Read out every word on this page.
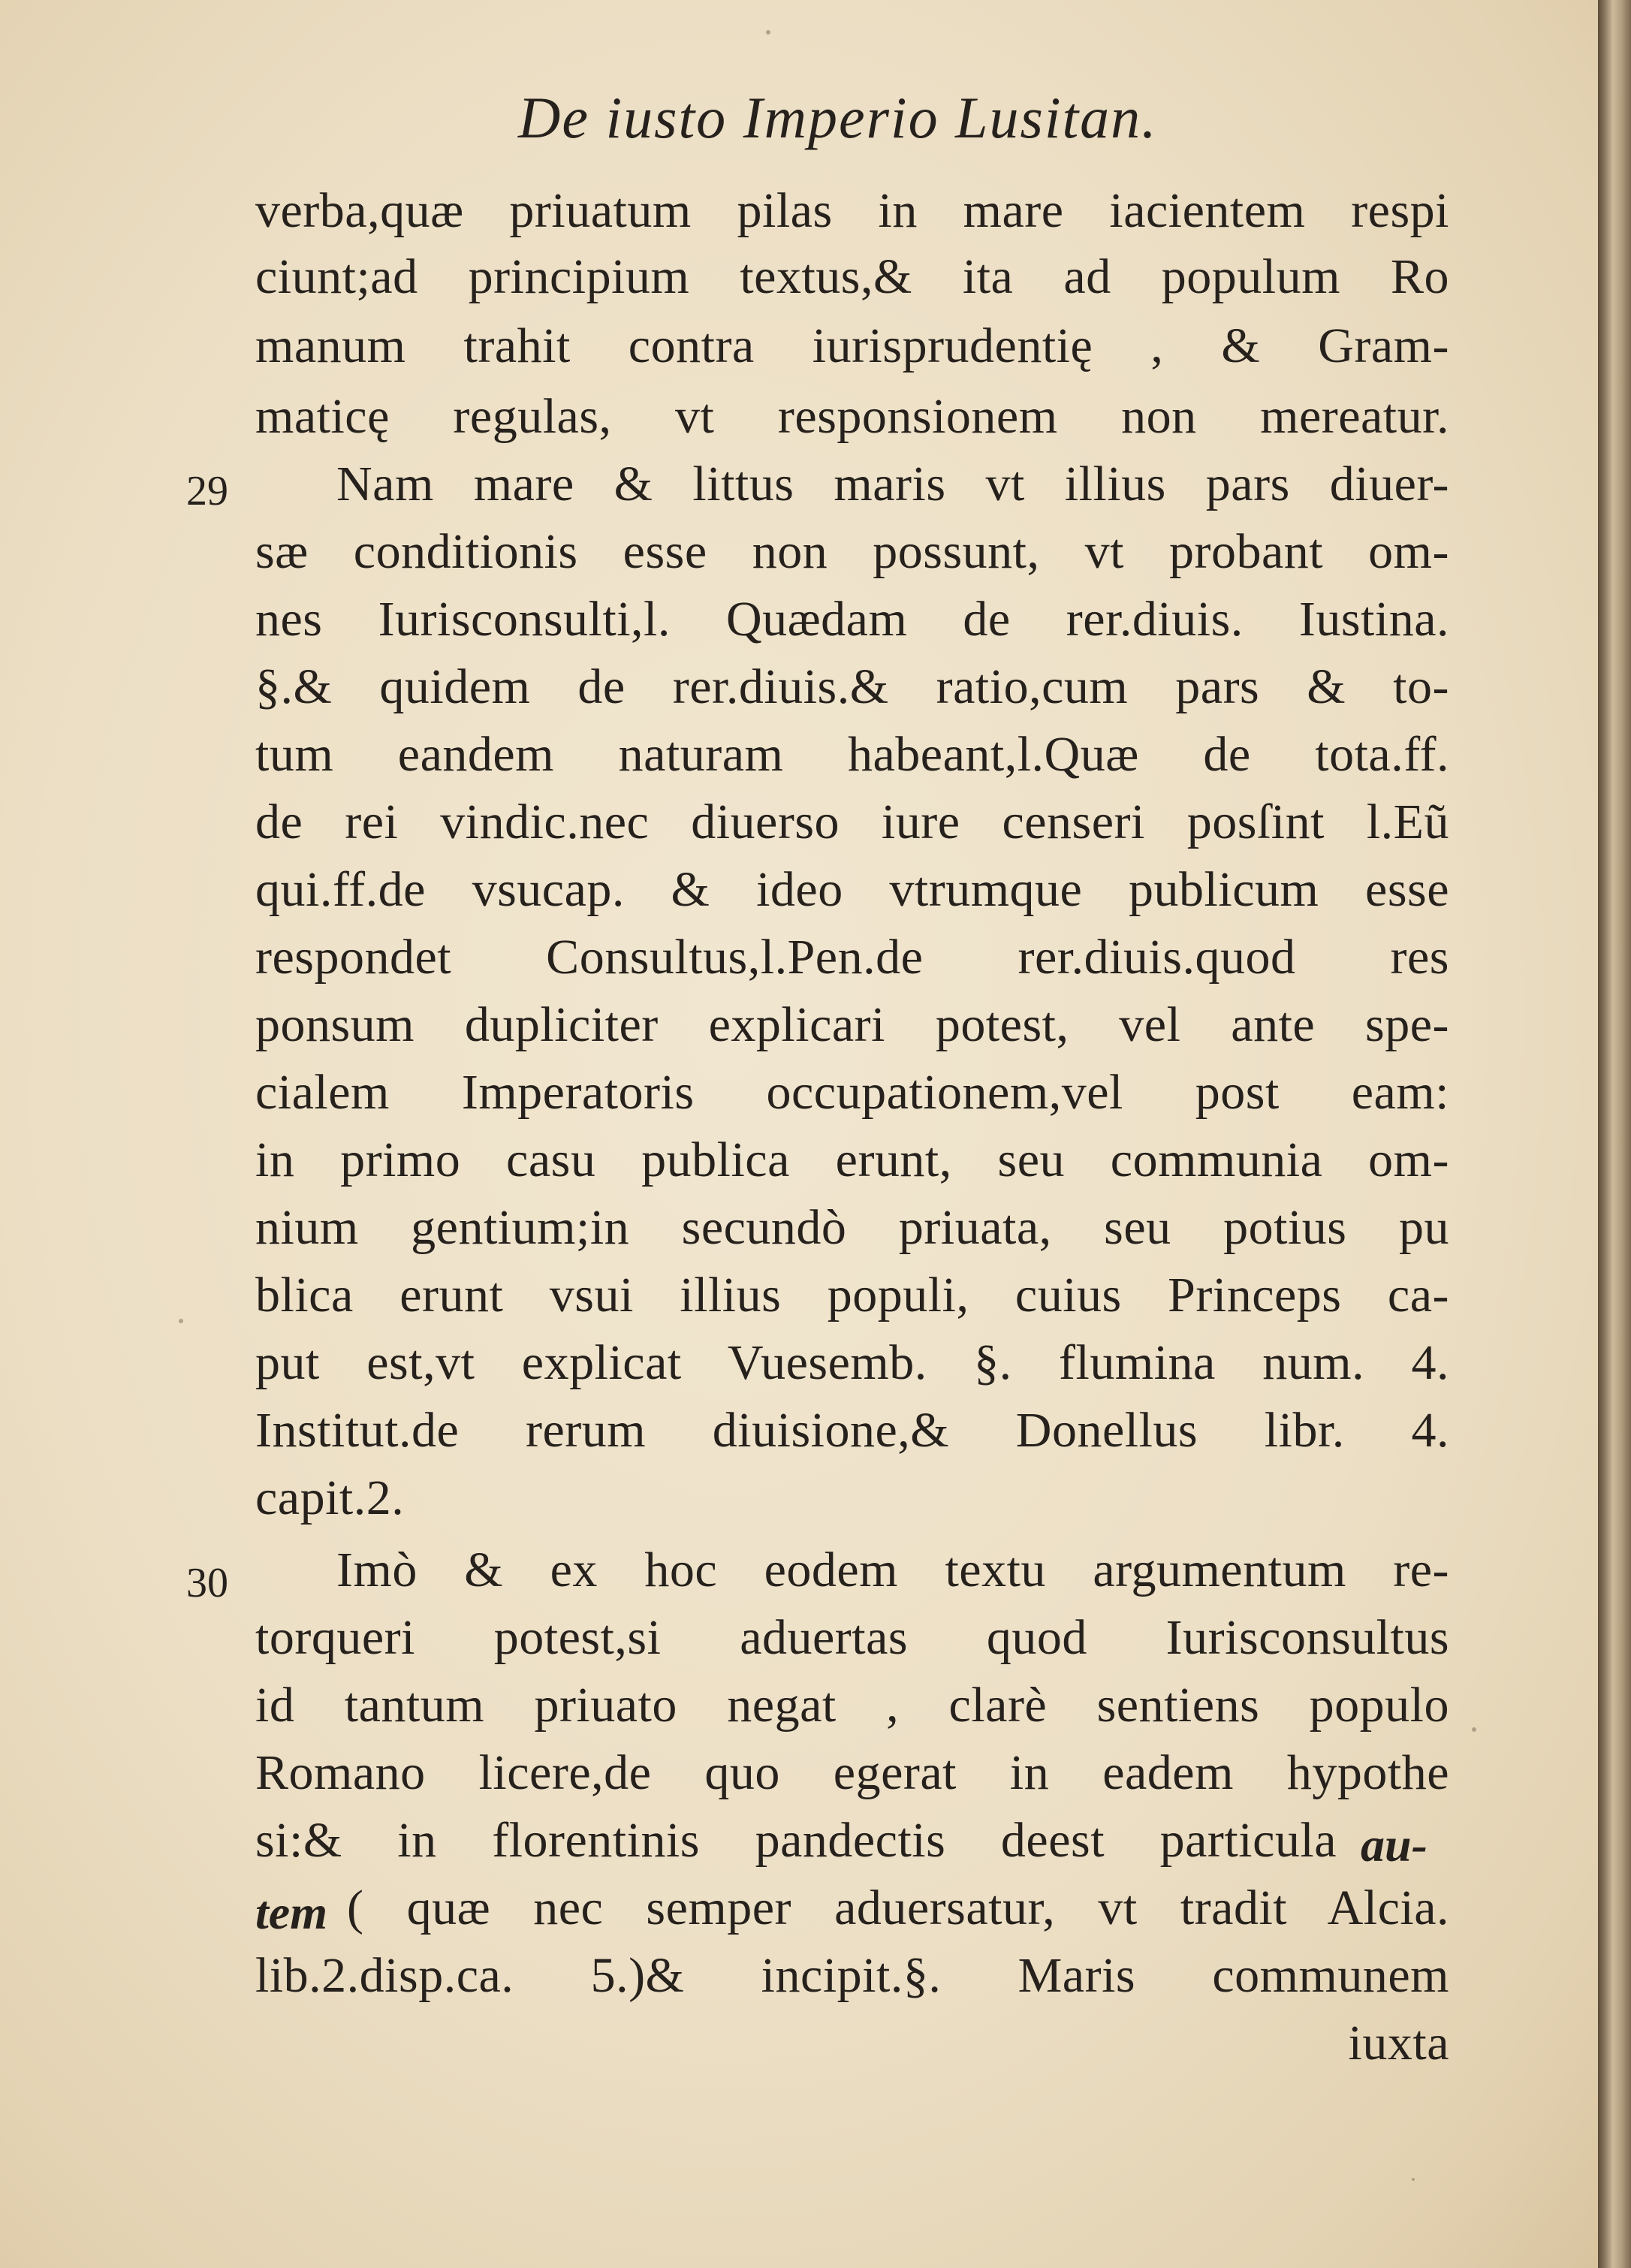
De iusto Imperio Lusitan.
29
30
verba,quæ priuatum pilas in mare iacientem respi
ciunt;ad principium textus,& ita ad populum Ro
manum trahit contra iurisprudentię , & Gram-
maticę regulas, vt responsionem non mereatur.
Nam mare & littus maris vt illius pars diuer-
sæ conditionis esse non possunt, vt probant om-
nes Iurisconsulti,l. Quædam de rer.diuis. Iustina.
§.& quidem de rer.diuis.& ratio,cum pars & to-
tum eandem naturam habeant,l.Quæ de tota.ff.
de rei vindic.nec diuerso iure censeri posſint l.Eũ
qui.ff.de vsucap. & ideo vtrumque publicum esse
respondet Consultus,l.Pen.de rer.diuis.quod res
ponsum dupliciter explicari potest, vel ante spe-
cialem Imperatoris occupationem,vel post eam:
in primo casu publica erunt, seu communia om-
nium gentium;in secundò priuata, seu potius pu
blica erunt vsui illius populi, cuius Princeps ca-
put est,vt explicat Vuesemb. §. flumina num. 4.
Institut.de rerum diuisione,& Donellus libr. 4.
capit.2.
Imò & ex hoc eodem textu argumentum re-
torqueri potest,si aduertas quod Iurisconsultus
id tantum priuato negat , clarè sentiens populo
Romano licere,de quo egerat in eadem hypothe
si:& in florentinis pandectis deest particula au-
tem ( quæ nec semper aduersatur, vt tradit Alcia.
lib.2.disp.ca. 5.)& incipit.§. Maris communem
iuxta
